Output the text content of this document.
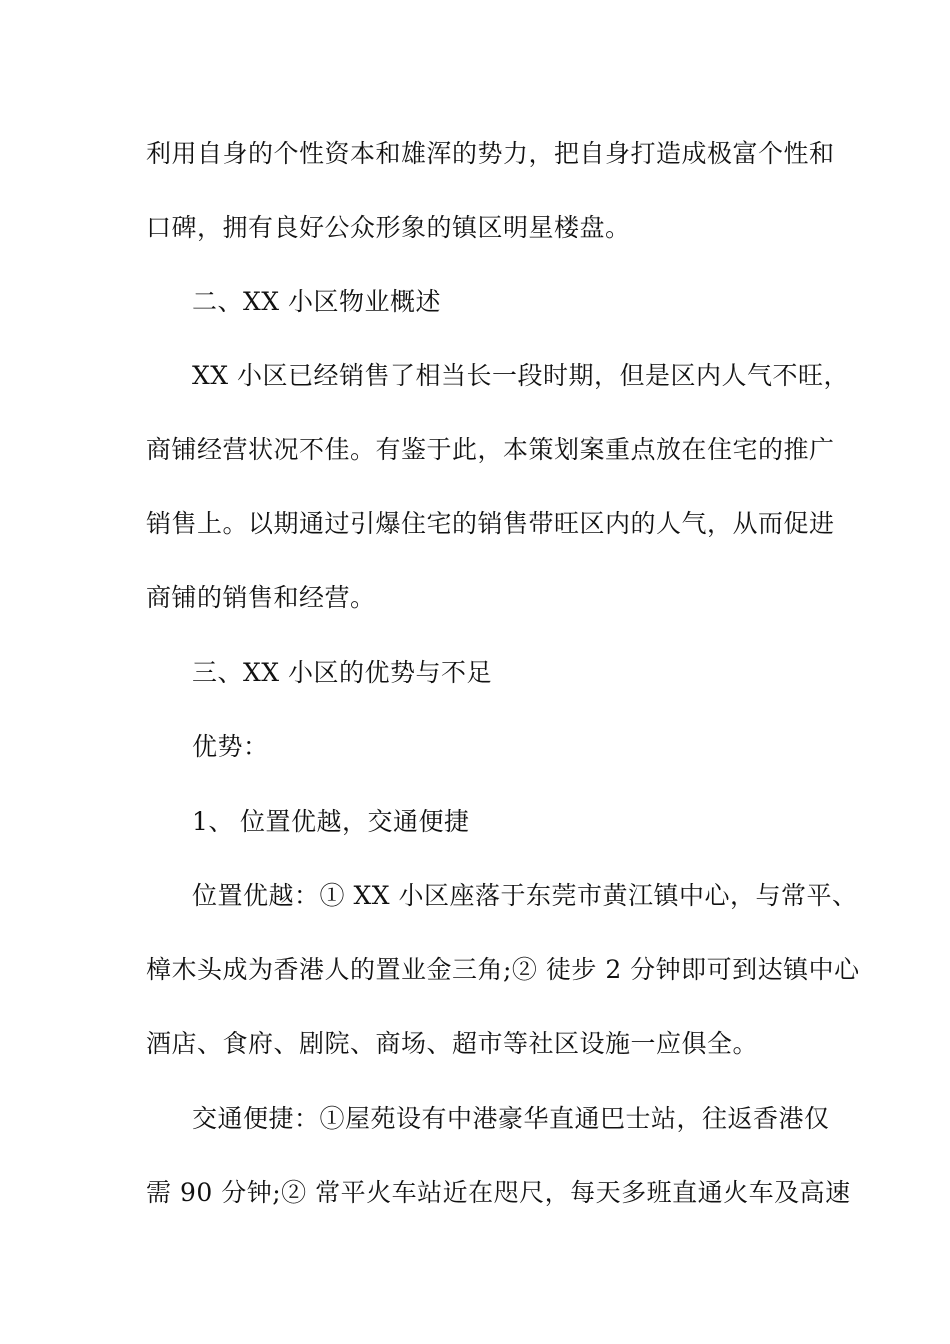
利用自身的个性资本和雄浑的势力，把自身打造成极富个性和
口碑，拥有良好公众形象的镇区明星楼盘。
二、XX 小区物业概述
XX 小区已经销售了相当长一段时期，但是区内人气不旺，
商铺经营状况不佳。有鉴于此，本策划案重点放在住宅的推广
销售上。以期通过引爆住宅的销售带旺区内的人气，从而促进
商铺的销售和经营。
三、XX 小区的优势与不足
优势：
1、 位置优越，交通便捷
位置优越：① XX 小区座落于东莞市黄江镇中心，与常平、
樟木头成为香港人的置业金三角;② 徒步 2 分钟即可到达镇中心
酒店、食府、剧院、商场、超市等社区设施一应俱全。
交通便捷：①屋苑设有中港豪华直通巴士站，往返香港仅
需 90 分钟;② 常平火车站近在咫尺，每天多班直通火车及高速
